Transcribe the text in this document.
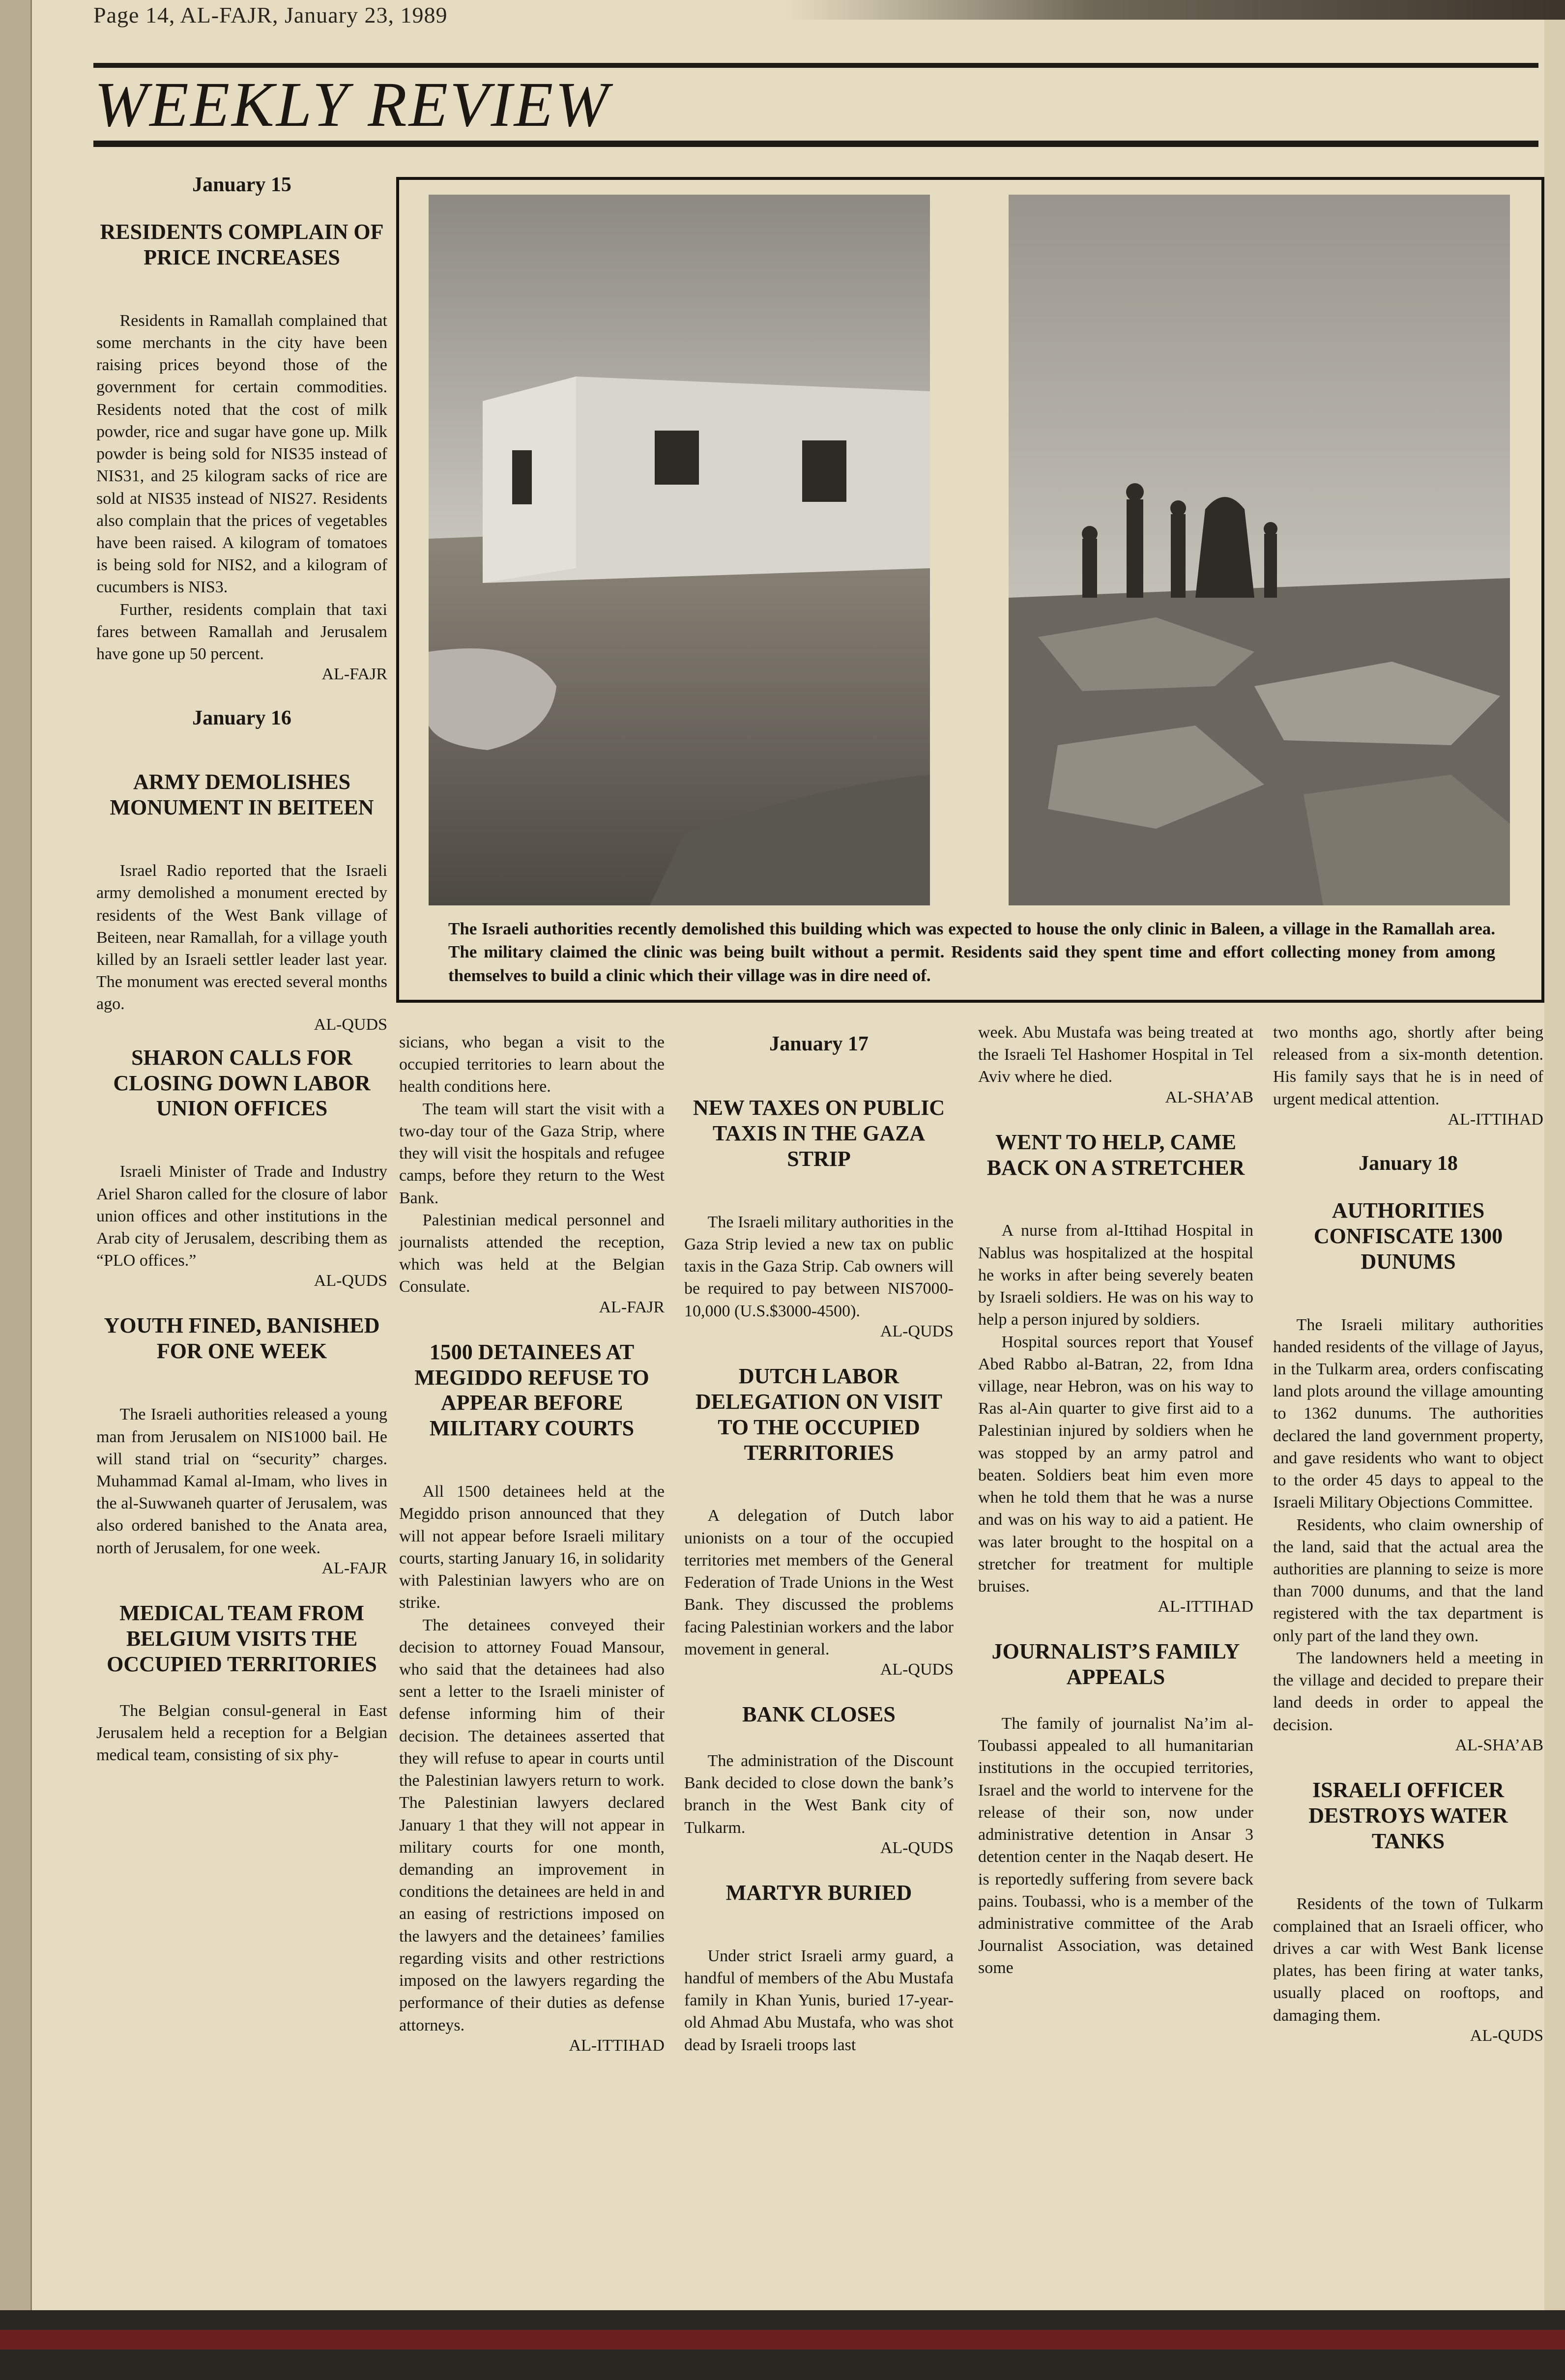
Page 14, AL-FAJR, January 23, 1989
WEEKLY REVIEW

January 15

RESIDENTS COMPLAIN OF PRICE INCREASES

Residents in Ramallah complained that some merchants in the city have been raising prices beyond those of the government for certain commodities. Residents noted that the cost of milk powder, rice and sugar have gone up. Milk powder is being sold for NIS35 instead of NIS31, and 25 kilogram sacks of rice are sold at NIS35 instead of NIS27. Residents also complain that the prices of vegetables have been raised. A kilogram of tomatoes is being sold for NIS2, and a kilogram of cucumbers is NIS3.

Further, residents complain that taxi fares between Ramallah and Jerusalem have gone up 50 percent.

AL-FAJR

January 16

ARMY DEMOLISHES MONUMENT IN BEITEEN

Israel Radio reported that the Israeli army demolished a monument erected by residents of the West Bank village of Beiteen, near Ramallah, for a village youth killed by an Israeli settler leader last year. The monument was erected several months ago.

AL-QUDS

SHARON CALLS FOR CLOSING DOWN LABOR UNION OFFICES

Israeli Minister of Trade and Industry Ariel Sharon called for the closure of labor union offices and other institutions in the Arab city of Jerusalem, describing them as “PLO offices.”

AL-QUDS

YOUTH FINED, BANISHED FOR ONE WEEK

The Israeli authorities released a young man from Jerusalem on NIS1000 bail. He will stand trial on “security” charges. Muhammad Kamal al-Imam, who lives in the al-Suwwaneh quarter of Jerusalem, was also ordered banished to the Anata area, north of Jerusalem, for one week.

AL-FAJR

MEDICAL TEAM FROM BELGIUM VISITS THE OCCUPIED TERRITORIES

The Belgian consul-general in East Jerusalem held a reception for a Belgian medical team, consisting of six phy-

The Israeli authorities recently demolished this building which was expected to house the only clinic in Baleen, a village in the Ramallah area. The military claimed the clinic was being built without a permit. Residents said they spent time and effort collecting money from among themselves to build a clinic which their village was in dire need of.

sicians, who began a visit to the occupied territories to learn about the health conditions here.

The team will start the visit with a two-day tour of the Gaza Strip, where they will visit the hospitals and refugee camps, before they return to the West Bank.

Palestinian medical personnel and journalists attended the reception, which was held at the Belgian Consulate.

AL-FAJR

1500 DETAINEES AT MEGIDDO REFUSE TO APPEAR BEFORE MILITARY COURTS

All 1500 detainees held at the Megiddo prison announced that they will not appear before Israeli military courts, starting January 16, in solidarity with Palestinian lawyers who are on strike.

The detainees conveyed their decision to attorney Fouad Mansour, who said that the detainees had also sent a letter to the Israeli minister of defense informing him of their decision. The detainees asserted that they will refuse to apear in courts until the Palestinian lawyers return to work. The Palestinian lawyers declared January 1 that they will not appear in military courts for one month, demanding an improvement in conditions the detainees are held in and an easing of restrictions imposed on the lawyers and the detainees’ families regarding visits and other restrictions imposed on the lawyers regarding the performance of their duties as defense attorneys.

AL-ITTIHAD

January 17

NEW TAXES ON PUBLIC TAXIS IN THE GAZA STRIP

The Israeli military authorities in the Gaza Strip levied a new tax on public taxis in the Gaza Strip. Cab owners will be required to pay between NIS7000-10,000 (U.S.$3000-4500).

AL-QUDS

DUTCH LABOR DELEGATION ON VISIT TO THE OCCUPIED TERRITORIES

A delegation of Dutch labor unionists on a tour of the occupied territories met members of the General Federation of Trade Unions in the West Bank. They discussed the problems facing Palestinian workers and the labor movement in general.

AL-QUDS

BANK CLOSES

The administration of the Discount Bank decided to close down the bank’s branch in the West Bank city of Tulkarm.

AL-QUDS

MARTYR BURIED

Under strict Israeli army guard, a handful of members of the Abu Mustafa family in Khan Yunis, buried 17-year-old Ahmad Abu Mustafa, who was shot dead by Israeli troops last

week. Abu Mustafa was being treated at the Israeli Tel Hashomer Hospital in Tel Aviv where he died.

AL-SHA’AB

WENT TO HELP, CAME BACK ON A STRETCHER

A nurse from al-Ittihad Hospital in Nablus was hospitalized at the hospital he works in after being severely beaten by Israeli soldiers. He was on his way to help a person injured by soldiers.

Hospital sources report that Yousef Abed Rabbo al-Batran, 22, from Idna village, near Hebron, was on his way to Ras al-Ain quarter to give first aid to a Palestinian injured by soldiers when he was stopped by an army patrol and beaten. Soldiers beat him even more when he told them that he was a nurse and was on his way to aid a patient. He was later brought to the hospital on a stretcher for treatment for multiple bruises.

AL-ITTIHAD

JOURNALIST’S FAMILY APPEALS

The family of journalist Na’im al-Toubassi appealed to all humanitarian institutions in the occupied territories, Israel and the world to intervene for the release of their son, now under administrative detention in Ansar 3 detention center in the Naqab desert. He is reportedly suffering from severe back pains. Toubassi, who is a member of the administrative committee of the Arab Journalist Association, was detained some

two months ago, shortly after being released from a six-month detention. His family says that he is in need of urgent medical attention.

AL-ITTIHAD

January 18

AUTHORITIES CONFISCATE 1300 DUNUMS

The Israeli military authorities handed residents of the village of Jayus, in the Tulkarm area, orders confiscating land plots around the village amounting to 1362 dunums. The authorities declared the land government property, and gave residents who want to object to the order 45 days to appeal to the Israeli Military Objections Committee.

Residents, who claim ownership of the land, said that the actual area the authorities are planning to seize is more than 7000 dunums, and that the land registered with the tax department is only part of the land they own.

The landowners held a meeting in the village and decided to prepare their land deeds in order to appeal the decision.

AL-SHA’AB

ISRAELI OFFICER DESTROYS WATER TANKS

Residents of the town of Tulkarm complained that an Israeli officer, who drives a car with West Bank license plates, has been firing at water tanks, usually placed on rooftops, and damaging them.

AL-QUDS
